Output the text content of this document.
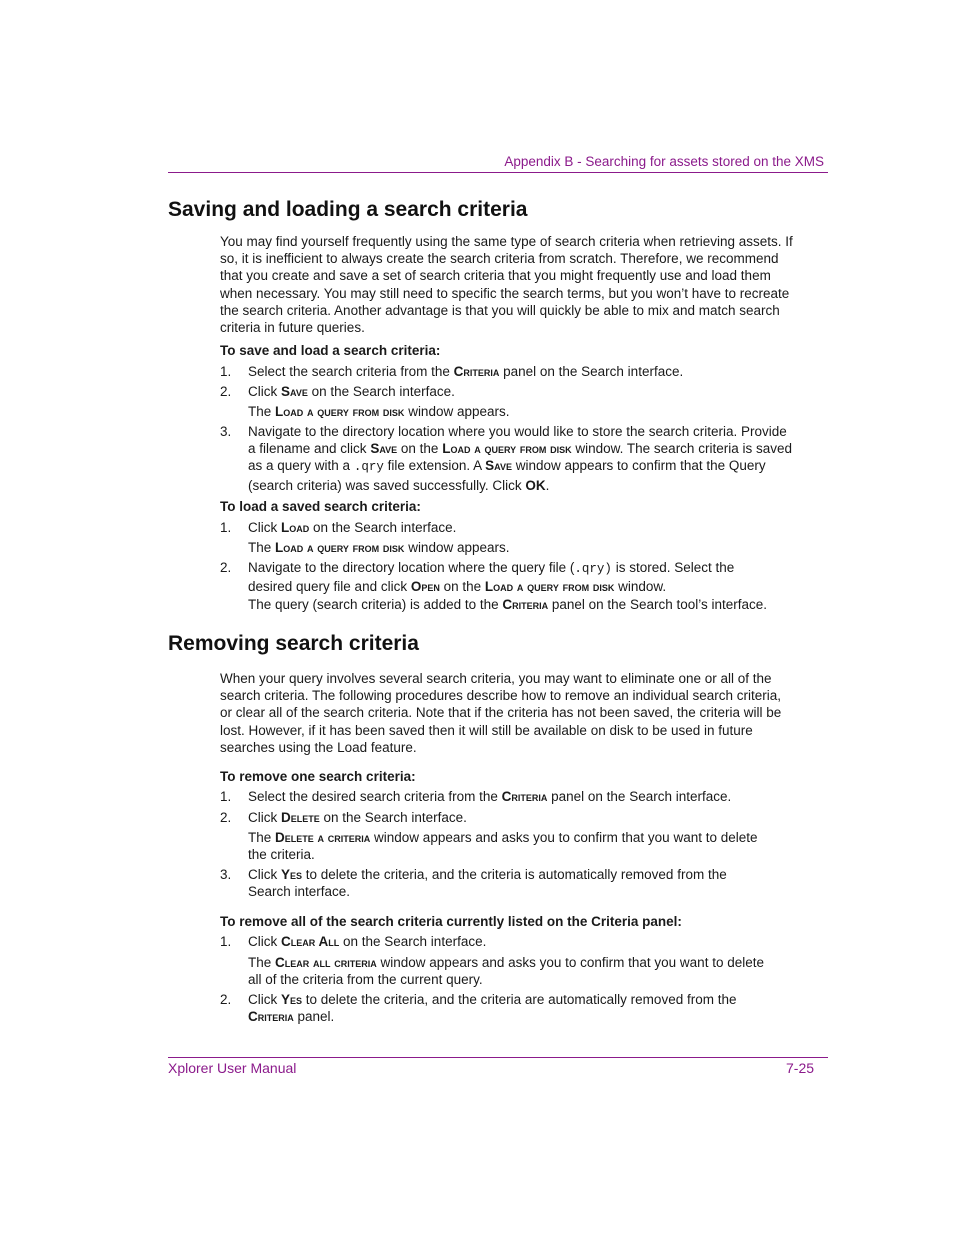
Appendix B - Searching for assets stored on the XMS
Saving and loading a search criteria

You may find yourself frequently using the same type of search criteria when retrieving assets. If so, it is inefficient to always create the search criteria from scratch. Therefore, we recommend that you create and save a set of search criteria that you might frequently use and load them when necessary. You may still need to specific the search terms, but you won’t have to recreate the search criteria. Another advantage is that you will quickly be able to mix and match search criteria in future queries.

To save and load a search criteria:

1. Select the search criteria from the Criteria panel on the Search interface.

2. Click Save on the Search interface.

The Load a query from disk window appears.

3. Navigate to the directory location where you would like to store the search criteria. Provide a filename and click Save on the Load a query from disk window. The search criteria is saved as a query with a .qry file extension. A Save window appears to confirm that the Query (search criteria) was saved successfully. Click OK.

To load a saved search criteria:

1. Click Load on the Search interface.

The Load a query from disk window appears.

2. Navigate to the directory location where the query file (.qry) is stored. Select the desired query file and click Open on the Load a query from disk window.

The query (search criteria) is added to the Criteria panel on the Search tool’s interface.

Removing search criteria

When your query involves several search criteria, you may want to eliminate one or all of the search criteria. The following procedures describe how to remove an individual search criteria, or clear all of the search criteria. Note that if the criteria has not been saved, the criteria will be lost. However, if it has been saved then it will still be available on disk to be used in future searches using the Load feature.

To remove one search criteria:

1. Select the desired search criteria from the Criteria panel on the Search interface.

2. Click Delete on the Search interface.

The Delete a criteria window appears and asks you to confirm that you want to delete the criteria.

3. Click Yes to delete the criteria, and the criteria is automatically removed from the Search interface.

To remove all of the search criteria currently listed on the Criteria panel:

1. Click Clear All on the Search interface.

The Clear all criteria window appears and asks you to confirm that you want to delete all of the criteria from the current query.

2. Click Yes to delete the criteria, and the criteria are automatically removed from the Criteria panel.

Xplorer User Manual	7-25
